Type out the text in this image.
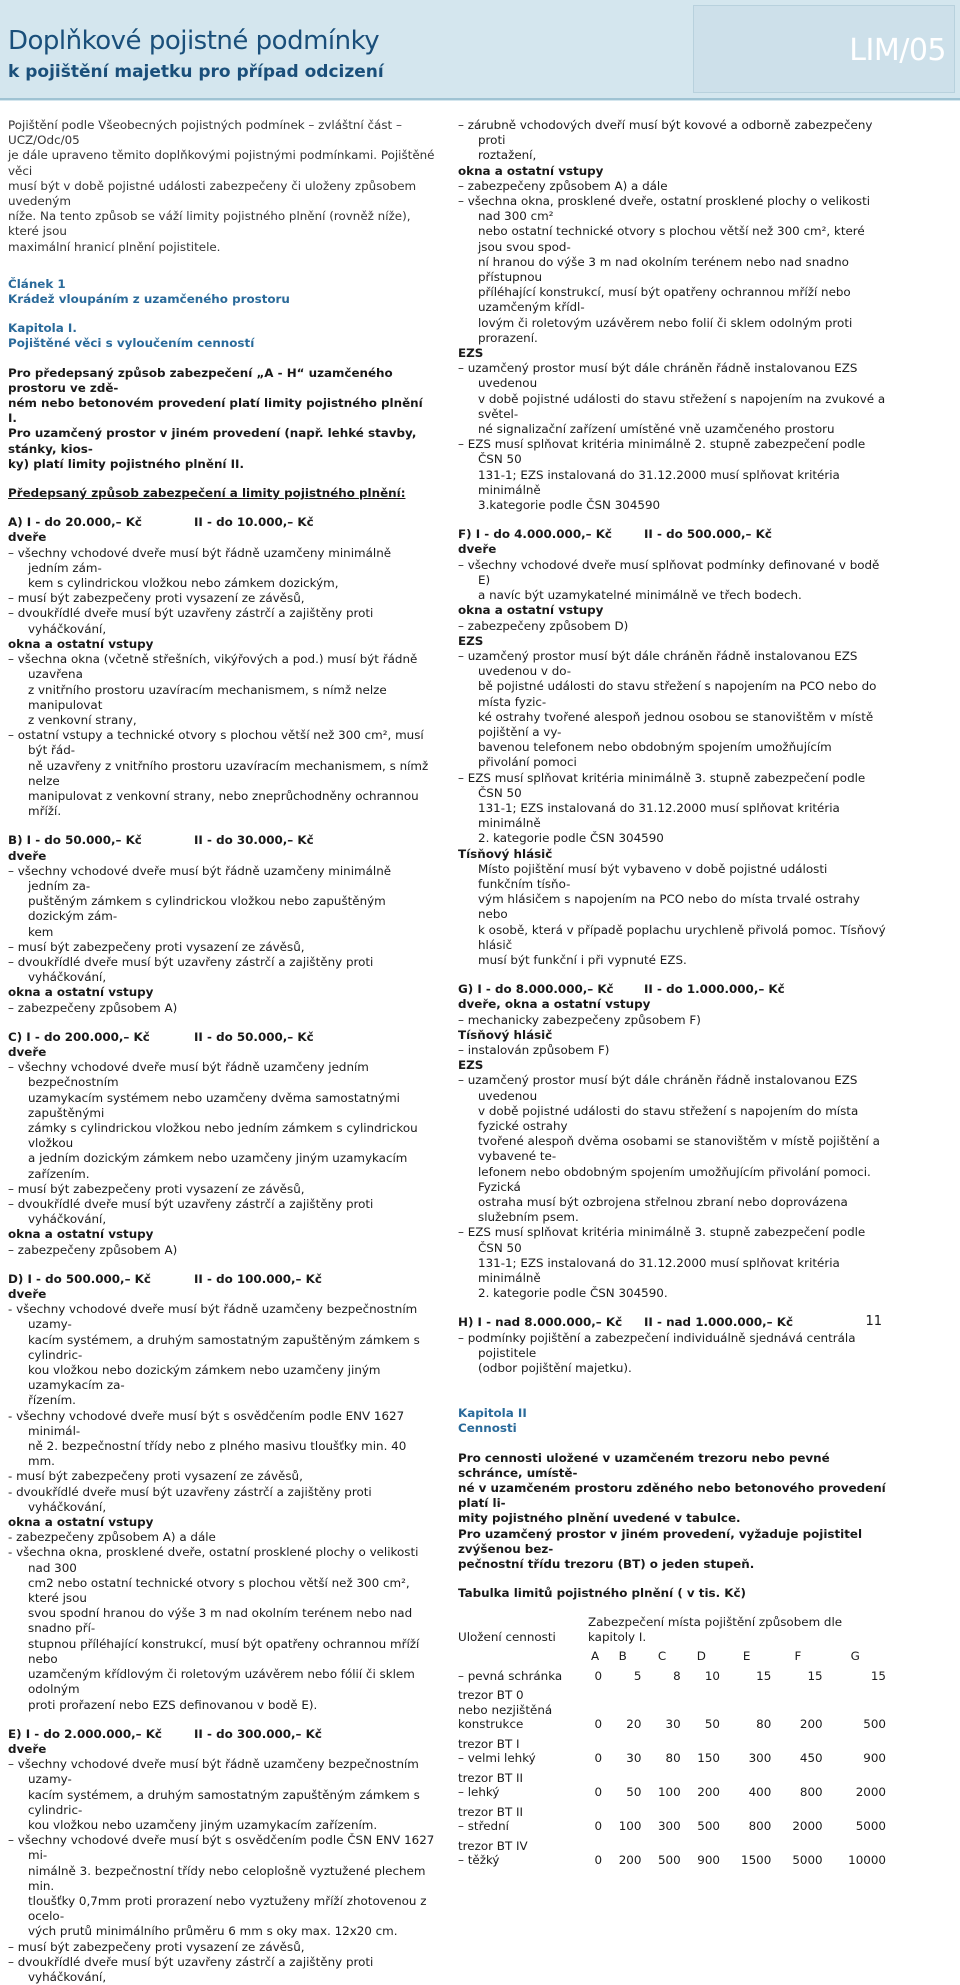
Doplňkové pojistné podmínky
k pojištění majetku pro případ odcizení
LIM/05
Pojištění podle Všeobecných pojistných podmínek – zvláštní část – UCZ/Odc/05
je dále upraveno těmito doplňkovými pojistnými podmínkami. Pojištěné věci
musí být v době pojistné události zabezpečeny či uloženy způsobem uvedeným
níže. Na tento způsob se váží limity pojistného plnění (rovněž níže), které jsou
maximální hranicí plnění pojistitele.
Článek 1
Krádež vloupáním z uzamčeného prostoru
Kapitola I.
Pojištěné věci s vyloučením cenností
Pro předepsaný způsob zabezpečení „A - H“ uzamčeného prostoru ve zdě-
ném nebo betonovém provedení platí limity pojistného plnění I.
Pro uzamčený prostor v jiném provedení (např. lehké stavby, stánky, kios-
ky) platí limity pojistného plnění II.
Předepsaný způsob zabezpečení a limity pojistného plnění:
A) I - do 20.000,– Kč	II - do 10.000,– Kč
dveře
– všechny vchodové dveře musí být řádně uzamčeny minimálně jedním zám-
kem s cylindrickou vložkou nebo zámkem dozickým,
– musí být zabezpečeny proti vysazení ze závěsů,
– dvoukřídlé dveře musí být uzavřeny zástrčí a zajištěny proti vyháčkování,
okna a ostatní vstupy
– všechna okna (včetně střešních, vikýřových a pod.) musí být řádně uzavřena
z vnitřního prostoru uzavíracím mechanismem, s nímž nelze manipulovat
z venkovní strany,
– ostatní vstupy a technické otvory s plochou větší než 300 cm², musí být řád-
ně uzavřeny z vnitřního prostoru uzavíracím mechanismem, s nímž nelze
manipulovat z venkovní strany, nebo zneprůchodněny ochrannou mříží.
B) I - do 50.000,– Kč	II - do 30.000,– Kč
dveře
– všechny vchodové dveře musí být řádně uzamčeny minimálně jedním za-
puštěným zámkem s cylindrickou vložkou nebo zapuštěným dozickým zám-
kem
– musí být zabezpečeny proti vysazení ze závěsů,
– dvoukřídlé dveře musí být uzavřeny zástrčí a zajištěny proti vyháčkování,
okna a ostatní vstupy
– zabezpečeny způsobem A)
C) I - do 200.000,– Kč	II - do 50.000,– Kč
dveře
– všechny vchodové dveře musí být řádně uzamčeny jedním bezpečnostním
uzamykacím systémem nebo uzamčeny dvěma samostatnými zapuštěnými
zámky s cylindrickou vložkou nebo jedním zámkem s cylindrickou vložkou
a jedním dozickým zámkem nebo uzamčeny jiným uzamykacím zařízením.
– musí být zabezpečeny proti vysazení ze závěsů,
– dvoukřídlé dveře musí být uzavřeny zástrčí a zajištěny proti vyháčkování,
okna a ostatní vstupy
– zabezpečeny způsobem A)
D) I - do 500.000,– Kč	II - do 100.000,– Kč
dveře
- všechny vchodové dveře musí být řádně uzamčeny bezpečnostním uzamy-
kacím systémem, a druhým samostatným zapuštěným zámkem s cylindric-
kou vložkou nebo dozickým zámkem nebo uzamčeny jiným uzamykacím za-
řízením.
- všechny vchodové dveře musí být s osvědčením podle ENV 1627 minimál-
ně 2. bezpečnostní třídy nebo z plného masivu tloušťky min. 40 mm.
- musí být zabezpečeny proti vysazení ze závěsů,
- dvoukřídlé dveře musí být uzavřeny zástrčí a zajištěny proti vyháčkování,
okna a ostatní vstupy
- zabezpečeny způsobem A) a dále
- všechna okna, prosklené dveře, ostatní prosklené plochy o velikosti nad 300
cm2 nebo ostatní technické otvory s plochou větší než 300 cm², které jsou
svou spodní hranou do výše 3 m nad okolním terénem nebo nad snadno pří-
stupnou příléhající konstrukcí, musí být opatřeny ochrannou mříží nebo
uzamčeným křídlovým či roletovým uzávěrem nebo fólií či sklem odolným
proti prořazení nebo EZS definovanou v bodě E).
E) I - do 2.000.000,– Kč	II - do 300.000,– Kč
dveře
– všechny vchodové dveře musí být řádně uzamčeny bezpečnostním uzamy-
kacím systémem, a druhým samostatným zapuštěným zámkem s cylindric-
kou vložkou nebo uzamčeny jiným uzamykacím zařízením.
– všechny vchodové dveře musí být s osvědčením podle ČSN ENV 1627 mi-
nimálně 3. bezpečnostní třídy nebo celoplošně vyztužené plechem min.
tloušťky 0,7mm proti prorazení nebo vyztuženy mříží zhotovenou z ocelo-
vých prutů minimálního průměru 6 mm s oky max. 12x20 cm.
– musí být zabezpečeny proti vysazení ze závěsů,
– dvoukřídlé dveře musí být uzavřeny zástrčí a zajištěny proti vyháčkování,
– zárubně vchodových dveří musí být kovové a odborně zabezpečeny proti
roztažení,
okna a ostatní vstupy
– zabezpečeny způsobem A) a dále
– všechna okna, prosklené dveře, ostatní prosklené plochy o velikosti nad 300 cm²
nebo ostatní technické otvory s plochou větší než 300 cm², které jsou svou spod-
ní hranou do výše 3 m nad okolním terénem nebo nad snadno přístupnou
příléhající konstrukcí, musí být opatřeny ochrannou mříží nebo uzamčeným křídl-
lovým či roletovým uzávěrem nebo folií či sklem odolným proti prorazení.
EZS
– uzamčený prostor musí být dále chráněn řádně instalovanou EZS uvedenou
v době pojistné události do stavu střežení s napojením na zvukové a světel-
né signalizační zařízení umístěné vně uzamčeného prostoru
– EZS musí splňovat kritéria minimálně 2. stupně zabezpečení podle ČSN 50
131-1; EZS instalovaná do 31.12.2000 musí splňovat kritéria minimálně
3.kategorie podle ČSN 304590
F) I - do 4.000.000,– Kč	II - do 500.000,– Kč
dveře
– všechny vchodové dveře musí splňovat podmínky definované v bodě E)
a navíc být uzamykatelné minimálně ve třech bodech.
okna a ostatní vstupy
– zabezpečeny způsobem D)
EZS
– uzamčený prostor musí být dále chráněn řádně instalovanou EZS uvedenou v do-
bě pojistné události do stavu střežení s napojením na PCO nebo do místa fyzic-
ké ostrahy tvořené alespoň jednou osobou se stanovištěm v místě pojištění a vy-
bavenou telefonem nebo obdobným spojením umožňujícím přivolání pomoci
– EZS musí splňovat kritéria minimálně 3. stupně zabezpečení podle ČSN 50
131-1; EZS instalovaná do 31.12.2000 musí splňovat kritéria minimálně
2. kategorie podle ČSN 304590
Tísňový hlásič
Místo pojištění musí být vybaveno v době pojistné události funkčním tísňo-
vým hlásičem s napojením na PCO nebo do místa trvalé ostrahy nebo
k osobě, která v případě poplachu urychleně přivolá pomoc. Tísňový hlásič
musí být funkční i při vypnuté EZS.
G) I - do 8.000.000,– Kč	II - do 1.000.000,– Kč
dveře, okna a ostatní vstupy
– mechanicky zabezpečeny způsobem F)
Tísňový hlásič
– instalován způsobem F)
EZS
– uzamčený prostor musí být dále chráněn řádně instalovanou EZS uvedenou
v době pojistné události do stavu střežení s napojením do místa fyzické ostrahy
tvořené alespoň dvěma osobami se stanovištěm v místě pojištění a vybavené te-
lefonem nebo obdobným spojením umožňujícím přivolání pomoci. Fyzická
ostraha musí být ozbrojena střelnou zbraní nebo doprovázena služebním psem.
– EZS musí splňovat kritéria minimálně 3. stupně zabezpečení podle ČSN 50
131-1; EZS instalovaná do 31.12.2000 musí splňovat kritéria minimálně
2. kategorie podle ČSN 304590.
H) I - nad 8.000.000,– Kč	II - nad 1.000.000,– Kč
– podmínky pojištění a zabezpečení individuálně sjednává centrála pojistitele
(odbor pojištění majetku).
Kapitola II
Cennosti
Pro cennosti uložené v uzamčeném trezoru nebo pevné schránce, umístě-
né v uzamčeném prostoru zděného nebo betonového provedení platí li-
mity pojistného plnění uvedené v tabulce.
Pro uzamčený prostor v jiném provedení, vyžaduje pojistitel zvýšenou bez-
pečnostní třídu trezoru (BT) o jeden stupeň.
Tabulka limitů pojistného plnění ( v tis. Kč)
Uložení cennosti	Zabezpečení místa pojištění způsobem dle kapitoly I.						
	A	B	C	D	E	F	G

– pevná schránka	0	5	8	10	15	15	15

trezor BT 0
nebo nezjištěná
konstrukce	0	20	30	50	80	200	500

trezor BT I
– velmi lehký	0	30	80	150	300	450	900

trezor BT II
– lehký	0	50	100	200	400	800	2000

trezor BT II
– střední	0	100	300	500	800	2000	5000

trezor BT IV
– těžký	0	200	500	900	1500	5000	10000
11
